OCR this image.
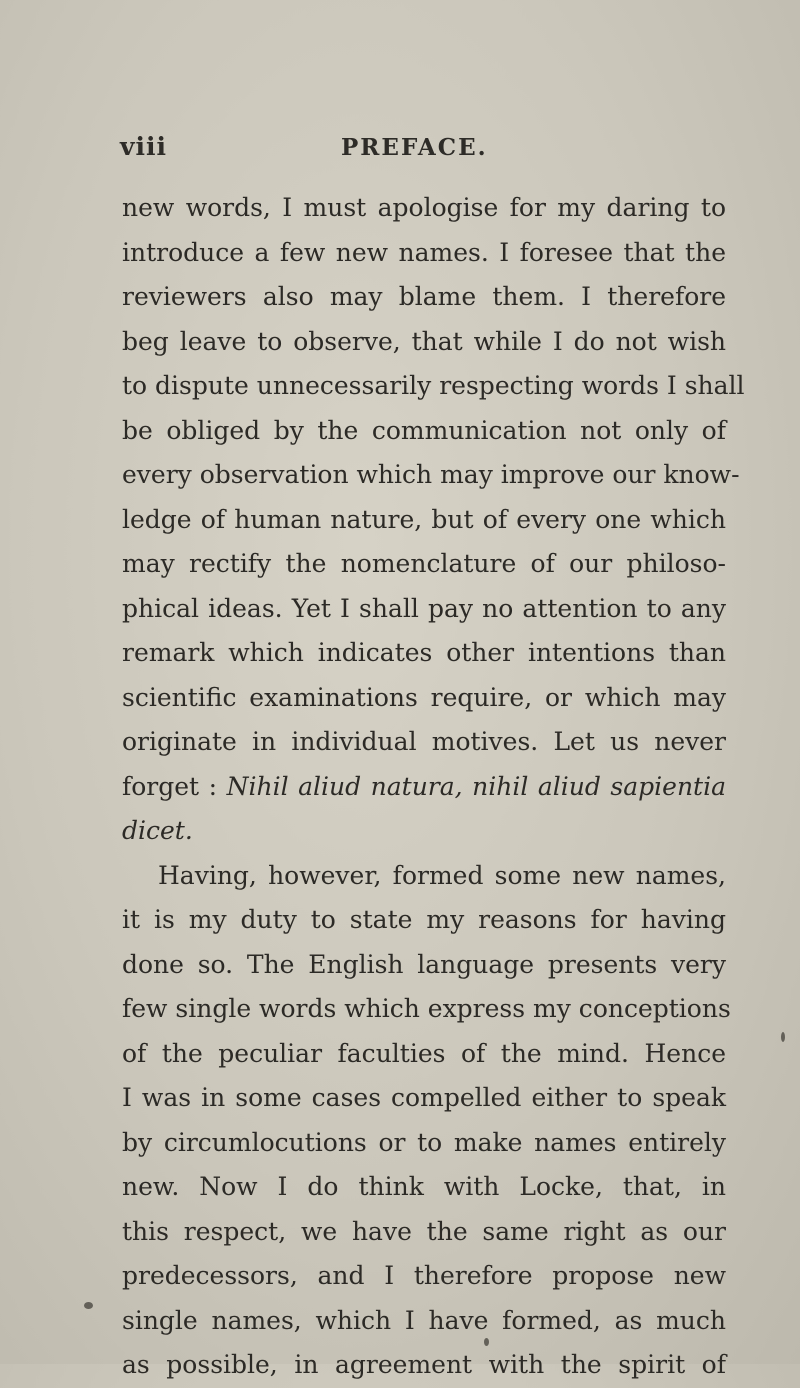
viii	PREFACE.
new words, I must apologise for my daring to
introduce a few new names. I foresee that the
reviewers also may blame them. I therefore
beg leave to observe, that while I do not wish
to dispute unnecessarily respecting words I shall
be obliged by the communication not only of
every observation which may improve our know-
ledge of human nature, but of every one which
may rectify the nomenclature of our philoso-
phical ideas. Yet I shall pay no attention to any
remark which indicates other intentions than
scientific examinations require, or which may
originate in individual motives. Let us never
forget : Nihil aliud natura, nihil aliud sapientia
dicet.
Having, however, formed some new names,
it is my duty to state my reasons for having
done so. The English language presents very
few single words which express my conceptions
of the peculiar faculties of the mind. Hence
I was in some cases compelled either to speak
by circumlocutions or to make names entirely
new. Now I do think with Locke, that, in
this respect, we have the same right as our
predecessors, and I therefore propose new
single names, which I have formed, as much
as possible, in agreement with the spirit of
